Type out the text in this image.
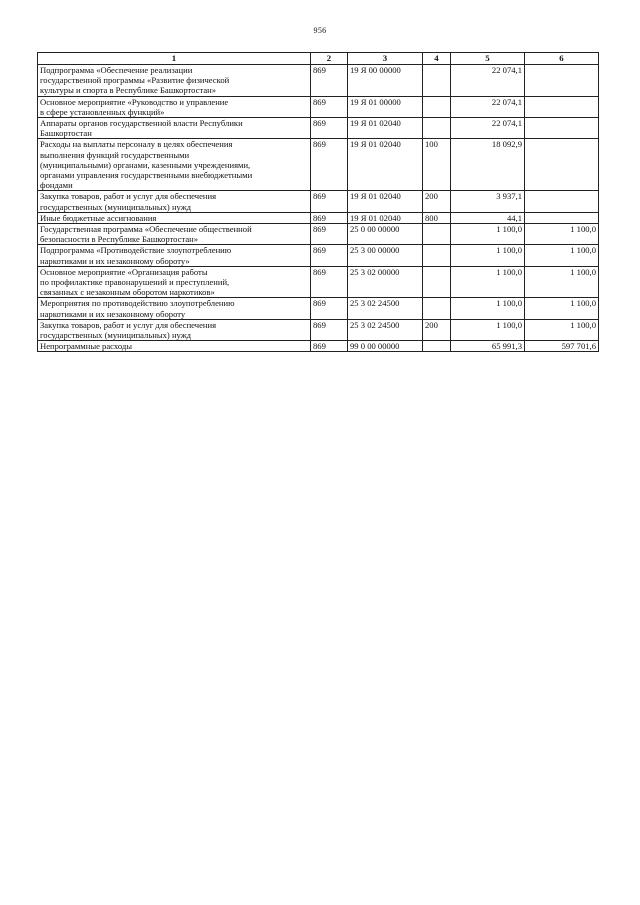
956
1	2	3	4	5	6

Подпрограмма «Обеспечение реализации
государственной программы «Развитие физической
культуры и спорта в Республике Башкортостан»	869	19 Я 00 00000		22 074,1	

Основное мероприятие «Руководство и управление
в сфере установленных функций»	869	19 Я 01 00000		22 074,1	

Аппараты органов государственной власти Республики
Башкортостан	869	19 Я 01 02040		22 074,1	

Расходы на выплаты персоналу в целях обеспечения
выполнения функций государственными
(муниципальными) органами, казенными учреждениями,
органами управления государственными внебюджетными
фондами	869	19 Я 01 02040	100	18 092,9	

Закупка товаров, работ и услуг для обеспечения
государственных (муниципальных) нужд	869	19 Я 01 02040	200	3 937,1	

Иные бюджетные ассигнования	869	19 Я 01 02040	800	44,1	

Государственная программа «Обеспечение общественной
безопасности в Республике Башкортостан»	869	25 0 00 00000		1 100,0	1 100,0

Подпрограмма «Противодействие злоупотреблению
наркотиками и их незаконному обороту»	869	25 3 00 00000		1 100,0	1 100,0

Основное мероприятие «Организация работы
по профилактике правонарушений и преступлений,
связанных с незаконным оборотом наркотиков»	869	25 3 02 00000		1 100,0	1 100,0

Мероприятия по противодействию злоупотреблению
наркотиками и их незаконному обороту	869	25 3 02 24500		1 100,0	1 100,0

Закупка товаров, работ и услуг для обеспечения
государственных (муниципальных) нужд	869	25 3 02 24500	200	1 100,0	1 100,0

Непрограммные расходы	869	99 0 00 00000		65 991,3	597 701,6
